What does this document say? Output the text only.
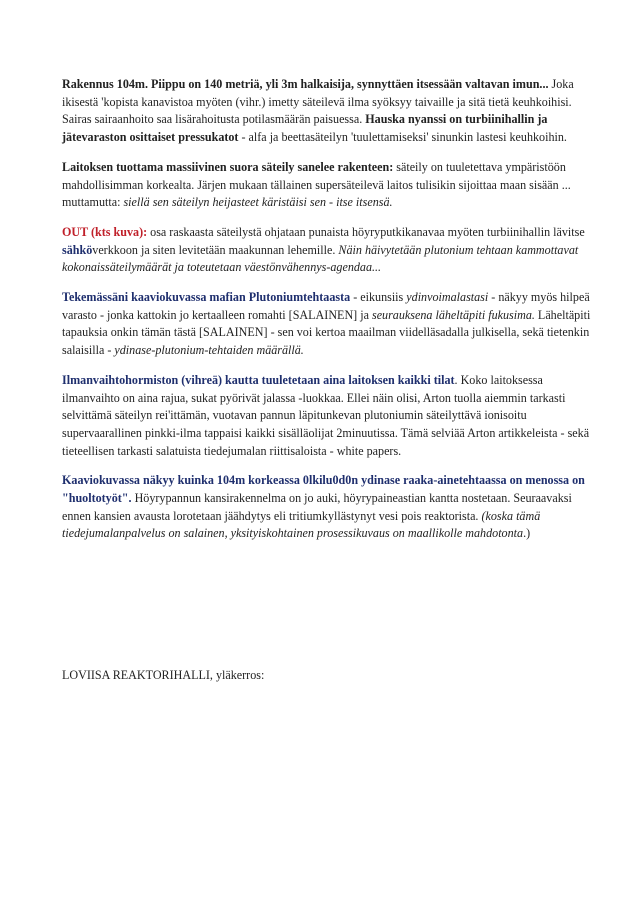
Rakennus 104m. Piippu on 140 metriä, yli 3m halkaisija, synnyttäen itsessään valtavan imun... Joka ikisestä 'kopista kanavistoa myöten (vihr.) imetty säteilevä ilma syöksyy taivaille ja sitä tietä keuhkoihisi. Sairas sairaanhoito saa lisärahoitusta potilasmäärän paisuessa. Hauska nyanssi on turbiinihallin ja jätevaraston osittaiset pressukatot - alfa ja beettasäteilyn 'tuulettamiseksi' sinunkin lastesi keuhkoihin.

Laitoksen tuottama massiivinen suora säteily sanelee rakenteen: säteily on tuuletettava ympäristöön mahdollisimman korkealta. Järjen mukaan tällainen supersäteilevä laitos tulisikin sijoittaa maan sisään ... muttamutta: siellä sen säteilyn heijasteet käristäisi sen - itse itsensä.

OUT (kts kuva): osa raskaasta säteilystä ohjataan punaista höyryputkikanavaa myöten turbiinihallin lävitse sähköverkkoon ja siten levitetään maakunnan lehemille. Näin häivytetään plutonium tehtaan kammottavat kokonaissäteilymäärät ja toteutetaan väestönvähennys-agendaa...

Tekemässäni kaaviokuvassa mafian Plutoniumtehtaasta - eikunsiis ydinvoimalastasi - näkyy myös hilpeä varasto - jonka kattokin jo kertaalleen romahti [SALAINEN] ja seurauksena läheltäpiti fukusima. Läheltäpiti tapauksia onkin tämän tästä [SALAINEN] - sen voi kertoa maailman viidelläsadalla julkisella, sekä tietenkin salaisilla - ydinase-plutonium-tehtaiden määrällä.

Ilmanvaihtohormiston (vihreä) kautta tuuletetaan aina laitoksen kaikki tilat. Koko laitoksessa ilmanvaihto on aina rajua, sukat pyörivät jalassa -luokkaa. Ellei näin olisi, Arton tuolla aiemmin tarkasti selvittämä säteilyn rei'ittämän, vuotavan pannun läpitunkevan plutoniumin säteilyttävä ionisoitu supervaarallinen pinkki-ilma tappaisi kaikki sisälläolijat 2minuutissa. Tämä selviää Arton artikkeleista - sekä tieteellisen tarkasti salatuista tiedejumalan riittisaloista - white papers.

Kaaviokuvassa näkyy kuinka 104m korkeassa 0lkilu0d0n ydinase raaka-ainetehtaassa on menossa on "huoltotyöt". Höyrypannun kansirakennelma on jo auki, höyrypaineastian kantta nostetaan. Seuraavaksi ennen kansien avausta lorotetaan jäähdytys eli tritiumkyllästynyt vesi pois reaktorista. (koska tämä tiedejumalanpalvelus on salainen, yksityiskohtainen prosessikuvaus on maallikolle mahdotonta.)

LOVIISA REAKTORIHALLI, yläkerros:
